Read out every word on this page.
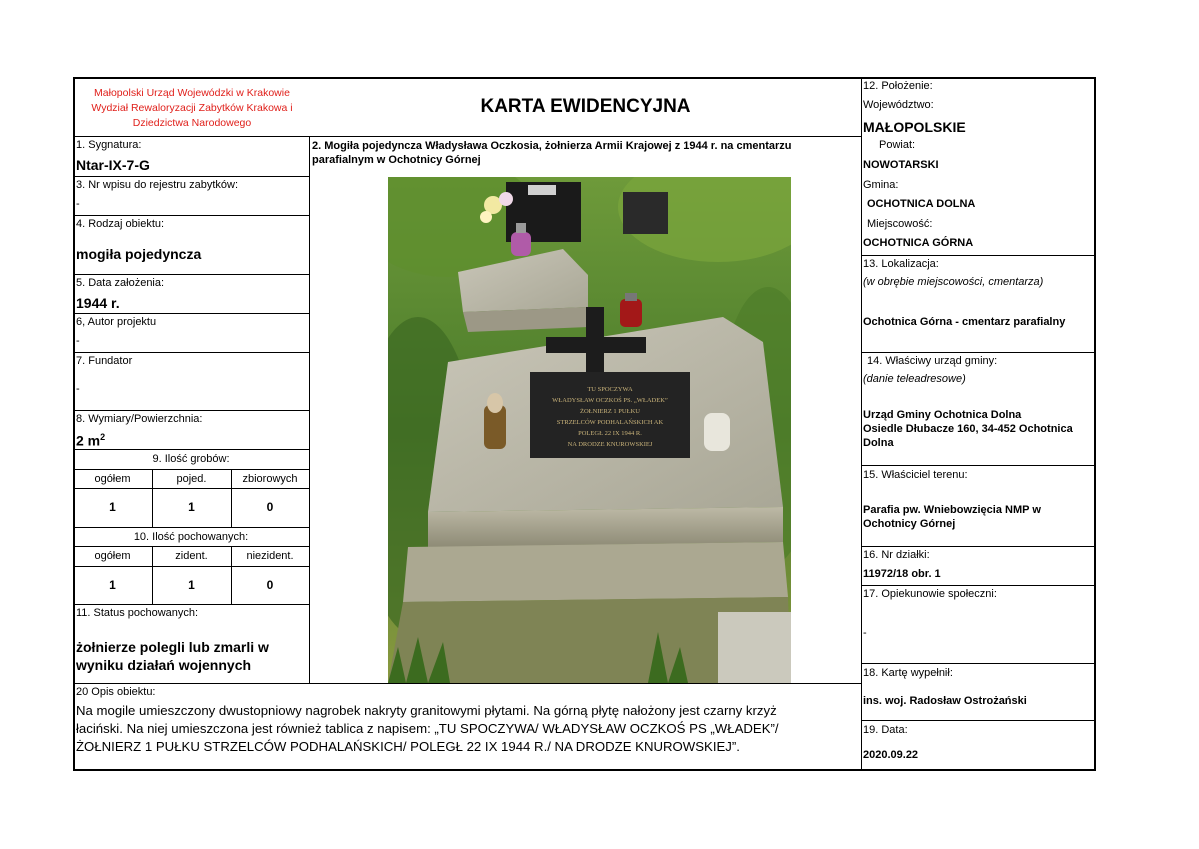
Małopolski Urząd Wojewódzki w Krakowie
Wydział Rewaloryzacji Zabytków Krakowa i
Dziedzictwa Narodowego
KARTA EWIDENCYJNA
1. Sygnatura:
Ntar-IX-7-G
3. Nr wpisu do rejestru zabytków:
-
4. Rodzaj obiektu:
mogiła pojedyncza
5. Data założenia:
1944 r.
6, Autor projektu
-
7. Fundator
-
8. Wymiary/Powierzchnia:
2 $m^2$
9. Ilość grobów:
ogółem	pojed.	zbiorowych
1	1	0
10. Ilość pochowanych:
ogółem	zident.	niezident.
1	1	0
11. Status pochowanych:
żołnierze polegli lub zmarli w
wyniku działań wojennych
2. Mogiła pojedyncza Władysława Oczkosia, żołnierza Armii Krajowej z 1944 r. na cmentarzu
parafialnym w Ochotnicy Górnej
TU SPOCZYWA
WŁADYSŁAW OCZKOŚ PS. „WŁADEK”
ŻOŁNIERZ 1 PUŁKU
STRZELCÓW PODHALAŃSKICH AK
POLEGŁ 22 IX 1944 R.
NA DRODZE KNUROWSKIEJ
12. Położenie:
Województwo:
MAŁOPOLSKIE
Powiat:
NOWOTARSKI
Gmina:
OCHOTNICA DOLNA
Miejscowość:
OCHOTNICA GÓRNA
13. Lokalizacja:
(w obrębie miejscowości, cmentarza)
Ochotnica Górna - cmentarz parafialny
14. Właściwy urząd gminy:
(danie teleadresowe)
Urząd Gminy Ochotnica Dolna
Osiedle Dłubacze 160, 34-452 Ochotnica
Dolna
15. Właściciel terenu:
Parafia pw. Wniebowzięcia NMP w
Ochotnicy Górnej
16. Nr działki:
11972/18 obr. 1
17. Opiekunowie społeczni:
-
18. Kartę wypełnił:
ins. woj. Radosław Ostrożański
19. Data:
2020.09.22
20 Opis obiektu:
Na mogile umieszczony dwustopniowy nagrobek nakryty granitowymi płytami. Na górną płytę nałożony jest czarny krzyż
łaciński. Na niej umieszczona jest również tablica z napisem: „TU SPOCZYWA/ WŁADYSŁAW OCZKOŚ PS „WŁADEK”/
ŻOŁNIERZ 1 PUŁKU STRZELCÓW PODHALAŃSKICH/ POLEGŁ 22 IX 1944 R./ NA DRODZE KNUROWSKIEJ”.
